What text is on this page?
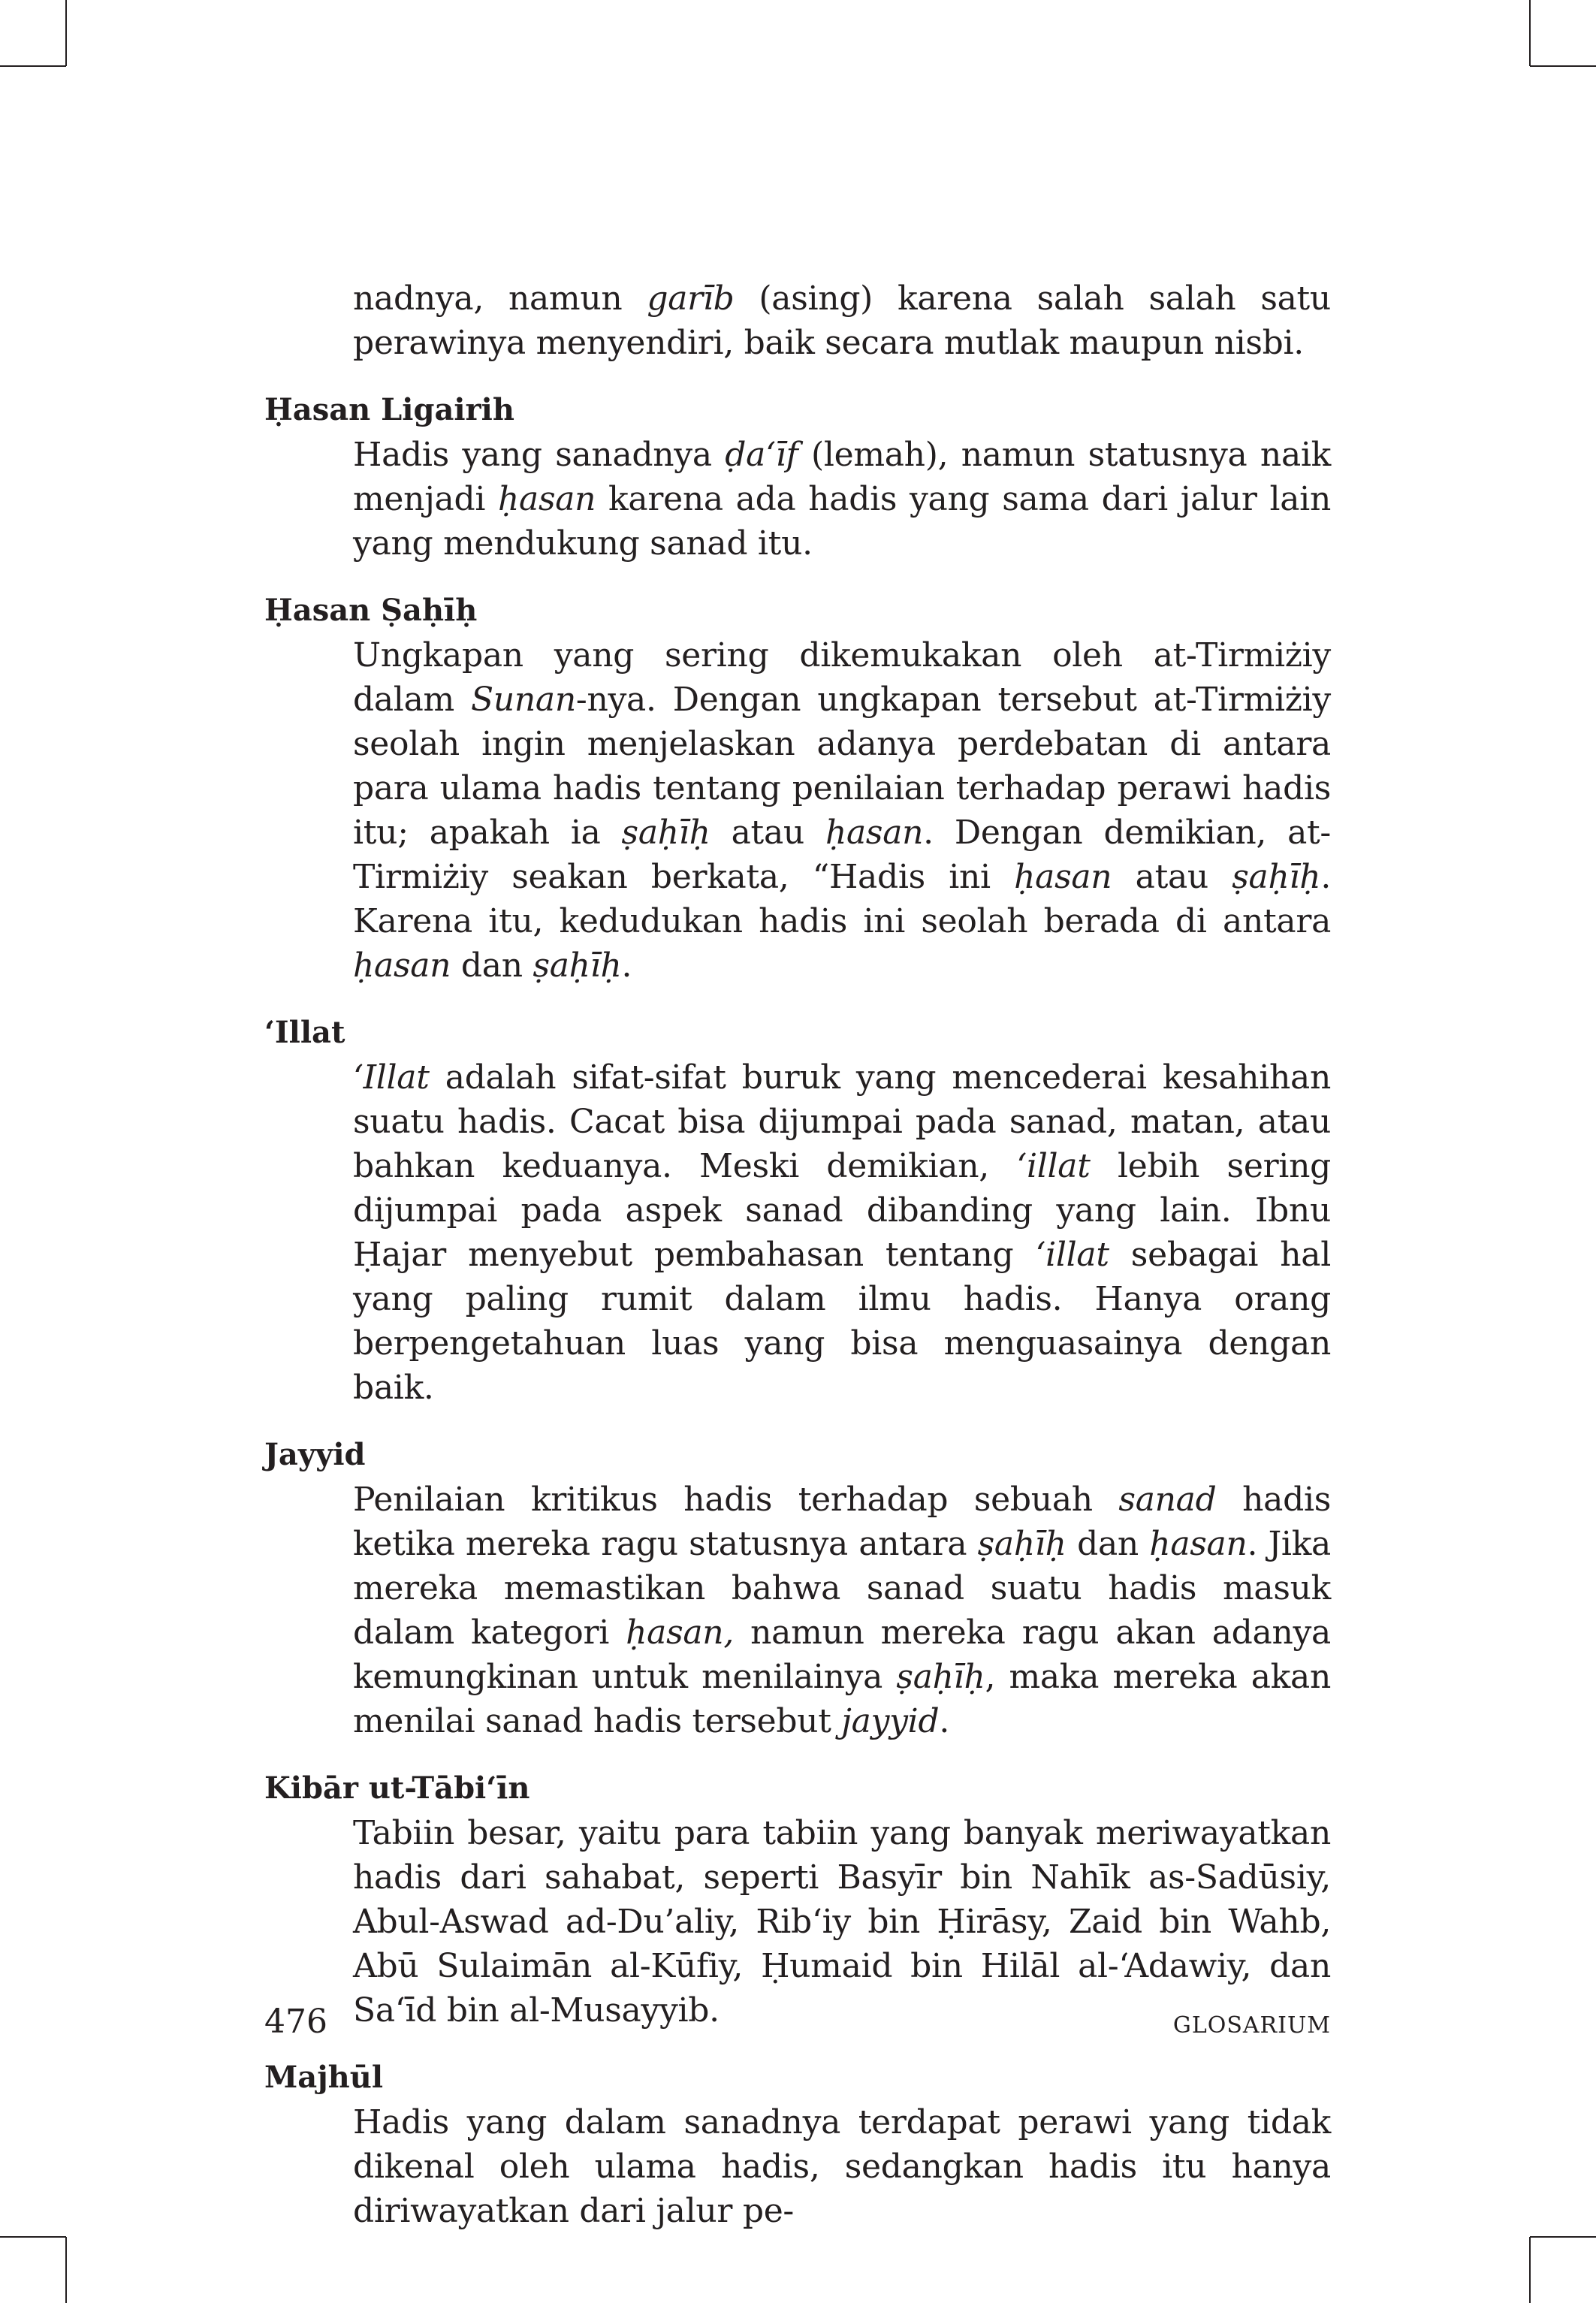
nadnya, namun garīb (asing) karena salah salah satu perawinya menyendiri, baik secara mutlak maupun nisbi.

Ḥasan Ligairih

Hadis yang sanadnya ḍa‘īf (lemah), namun statusnya naik menjadi ḥasan karena ada hadis yang sama dari jalur lain yang mendukung sanad itu.

Ḥasan Ṣaḥīḥ

Ungkapan yang sering dikemukakan oleh at-Tirmiżiy dalam Sunan-nya. Dengan ungkapan tersebut at-Tirmiżiy seolah ingin menjelaskan adanya perdebatan di antara para ulama hadis tentang penilaian terhadap perawi hadis itu; apakah ia ṣaḥīḥ atau ḥasan. Dengan demikian, at-Tirmiżiy seakan berkata, “Hadis ini ḥasan atau ṣaḥīḥ. Karena itu, kedudukan hadis ini seolah berada di antara ḥasan dan ṣaḥīḥ.

‘Illat

‘Illat adalah sifat-sifat buruk yang mencederai kesahihan suatu hadis. Cacat bisa dijumpai pada sanad, matan, atau bahkan keduanya. Meski demikian, ‘illat lebih sering dijumpai pada aspek sanad dibanding yang lain. Ibnu Ḥajar menyebut pembahasan tentang ‘illat sebagai hal yang paling rumit dalam ilmu hadis. Hanya orang berpengetahuan luas yang bisa menguasainya dengan baik.

Jayyid

Penilaian kritikus hadis terhadap sebuah sanad hadis ketika mereka ragu statusnya antara ṣaḥīḥ dan ḥasan. Jika mereka memastikan bahwa sanad suatu hadis masuk dalam kategori ḥasan, namun mereka ragu akan adanya kemungkinan untuk menilainya ṣaḥīḥ, maka mereka akan menilai sanad hadis tersebut jayyid.

Kibār ut-Tābi‘īn

Tabiin besar, yaitu para tabiin yang banyak meriwayatkan hadis dari sahabat, seperti Basyīr bin Nahīk as-Sadūsiy, Abul-Aswad ad-Du’aliy, Rib‘iy bin Ḥirāsy, Zaid bin Wahb, Abū Sulaimān al-Kūfiy, Ḥumaid bin Hilāl al-‘Adawiy, dan Sa‘īd bin al-Musayyib.

Majhūl

Hadis yang dalam sanadnya terdapat perawi yang tidak dikenal oleh ulama hadis, sedangkan hadis itu hanya diriwayatkan dari jalur pe-

476	GLOSARIUM
